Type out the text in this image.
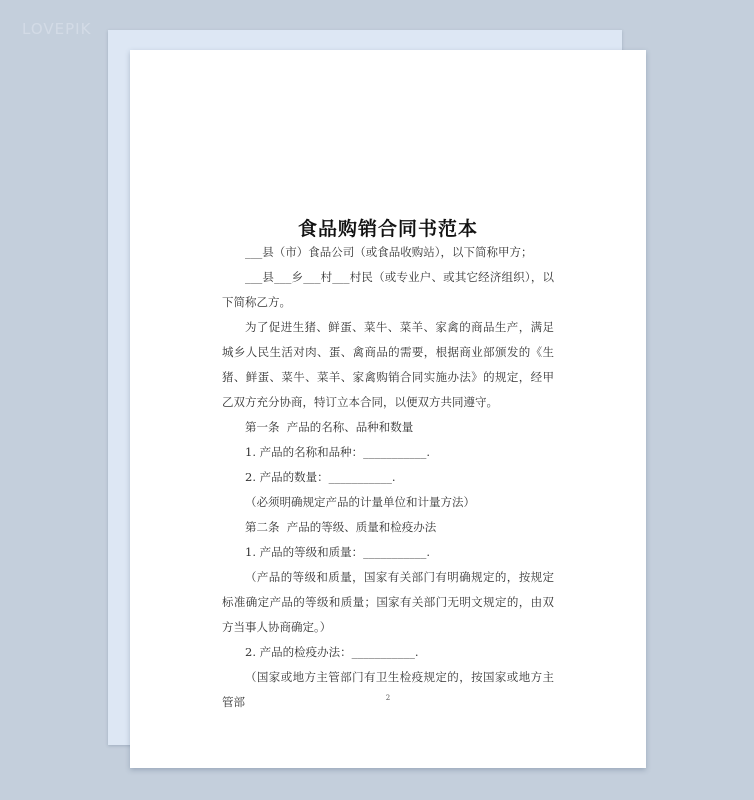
LOVEPIK
食品购销合同书范本

___县（市）食品公司（或食品收购站），以下简称甲方；

___县___乡___村___村民（或专业户、或其它经济组织），以下简称乙方。

为了促进生猪、鲜蛋、菜牛、菜羊、家禽的商品生产，满足城乡人民生活对肉、蛋、禽商品的需要，根据商业部颁发的《生猪、鲜蛋、菜牛、菜羊、家禽购销合同实施办法》的规定，经甲乙双方充分协商，特订立本合同，以便双方共同遵守。

第一条  产品的名称、品种和数量

1. 产品的名称和品种：___________.

2. 产品的数量：___________.

（必须明确规定产品的计量单位和计量方法）

第二条  产品的等级、质量和检疫办法

1. 产品的等级和质量：___________.

（产品的等级和质量，国家有关部门有明确规定的，按规定标准确定产品的等级和质量；国家有关部门无明文规定的，由双方当事人协商确定。）

2. 产品的检疫办法：___________.

（国家或地方主管部门有卫生检疫规定的，按国家或地方主管部	2
